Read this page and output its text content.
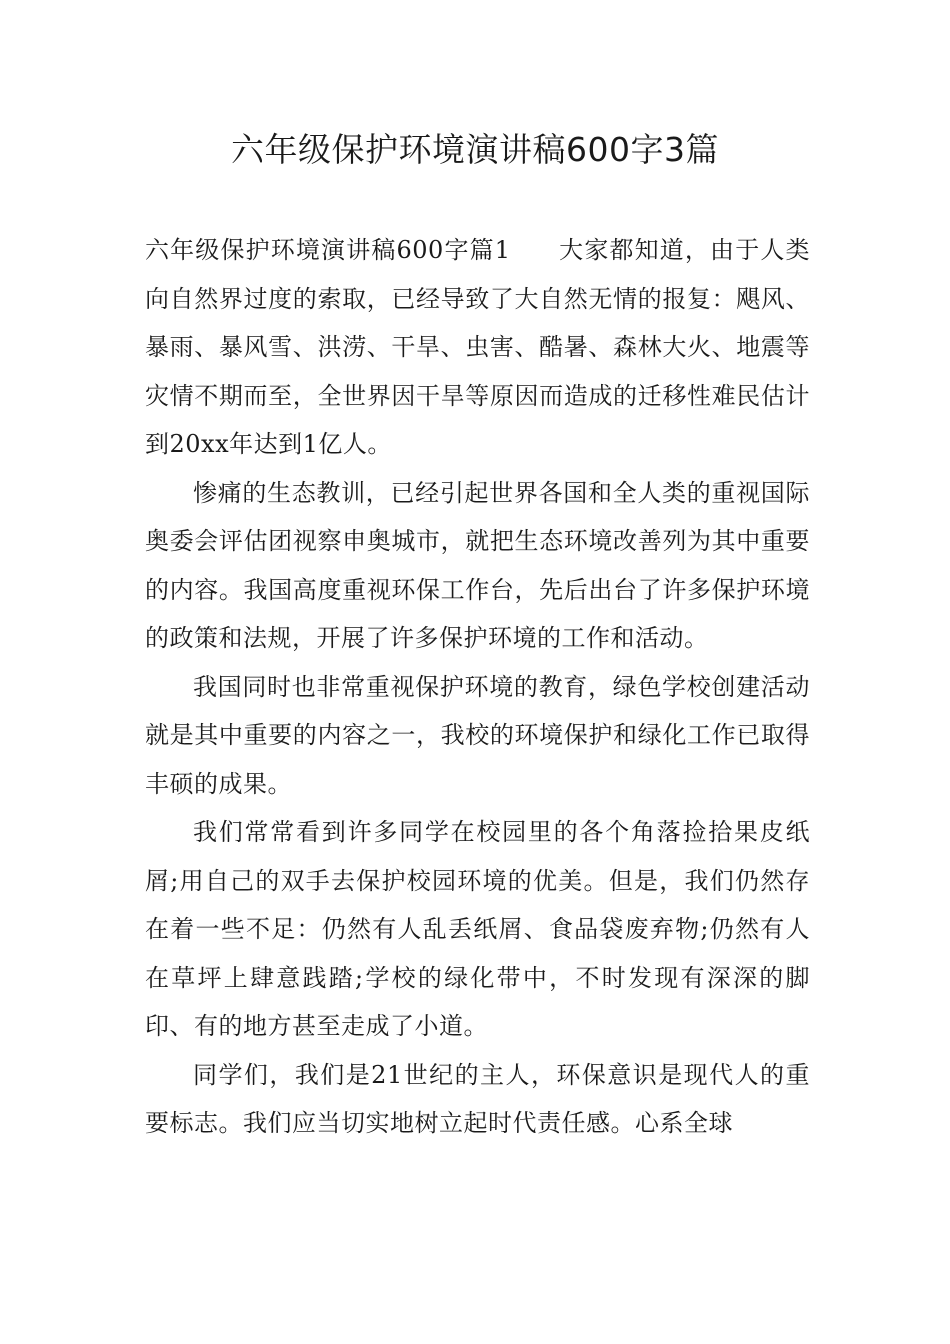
六年级保护环境演讲稿600字3篇

六年级保护环境演讲稿600字篇1 大家都知道，由于人类向自然界过度的索取，已经导致了大自然无情的报复：飓风、暴雨、暴风雪、洪涝、干旱、虫害、酷暑、森林大火、地震等灾情不期而至，全世界因干旱等原因而造成的迁移性难民估计到20xx年达到1亿人。

惨痛的生态教训，已经引起世界各国和全人类的重视国际奥委会评估团视察申奥城市，就把生态环境改善列为其中重要的内容。我国高度重视环保工作台，先后出台了许多保护环境的政策和法规，开展了许多保护环境的工作和活动。

我国同时也非常重视保护环境的教育，绿色学校创建活动就是其中重要的内容之一，我校的环境保护和绿化工作已取得丰硕的成果。

我们常常看到许多同学在校园里的各个角落捡拾果皮纸屑;用自己的双手去保护校园环境的优美。但是，我们仍然存在着一些不足：仍然有人乱丢纸屑、食品袋废弃物;仍然有人在草坪上肆意践踏;学校的绿化带中，不时发现有深深的脚印、有的地方甚至走成了小道。

同学们，我们是21世纪的主人，环保意识是现代人的重要标志。我们应当切实地树立起时代责任感。心系全球
